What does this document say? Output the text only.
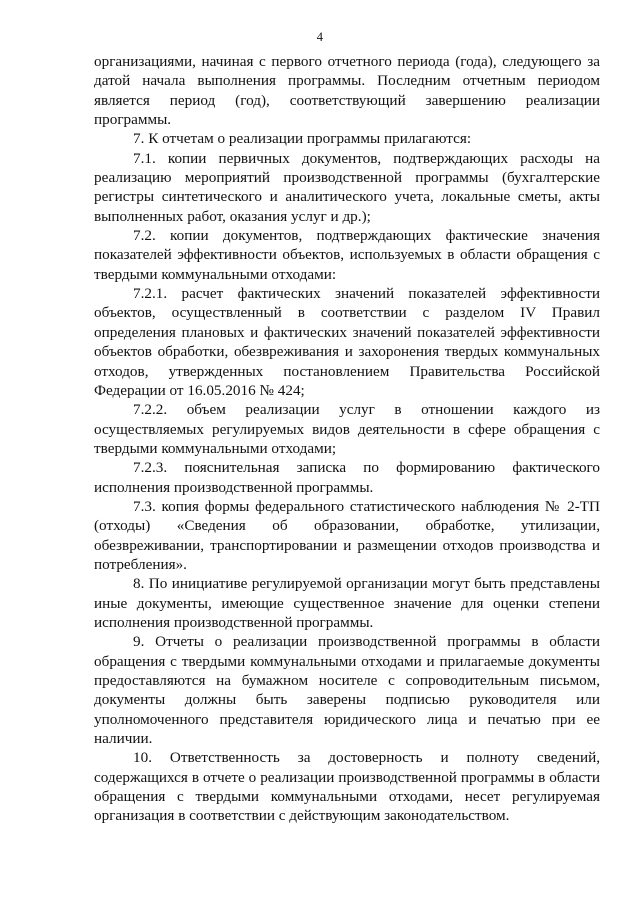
4

организациями, начиная с первого отчетного периода (года), следующего за датой начала выполнения программы. Последним отчетным периодом является период (год), соответствующий завершению реализации программы.

7. К отчетам о реализации программы прилагаются:

7.1. копии первичных документов, подтверждающих расходы на реализацию мероприятий производственной программы (бухгалтерские регистры синтетического и аналитического учета, локальные сметы, акты выполненных работ, оказания услуг и др.);

7.2. копии документов, подтверждающих фактические значения показателей эффективности объектов, используемых в области обращения с твердыми коммунальными отходами:

7.2.1. расчет фактических значений показателей эффективности объектов, осуществленный в соответствии с разделом IV Правил определения плановых и фактических значений показателей эффективности объектов обработки, обезвреживания и захоронения твердых коммунальных отходов, утвержденных постановлением Правительства Российской Федерации от 16.05.2016 № 424;

7.2.2. объем реализации услуг в отношении каждого из осуществляемых регулируемых видов деятельности в сфере обращения с твердыми коммунальными отходами;

7.2.3. пояснительная записка по формированию фактического исполнения производственной программы.

7.3. копия формы федерального статистического наблюдения № 2-ТП (отходы) «Сведения об образовании, обработке, утилизации, обезвреживании, транспортировании и размещении отходов производства и потребления».

8. По инициативе регулируемой организации могут быть представлены иные документы, имеющие существенное значение для оценки степени исполнения производственной программы.

9. Отчеты о реализации производственной программы в области обращения с твердыми коммунальными отходами и прилагаемые документы предоставляются на бумажном носителе с сопроводительным письмом, документы должны быть заверены подписью руководителя или уполномоченного представителя юридического лица и печатью при ее наличии.

10. Ответственность за достоверность и полноту сведений, содержащихся в отчете о реализации производственной программы в области обращения с твердыми коммунальными отходами, несет регулируемая организация в соответствии с действующим законодательством.
